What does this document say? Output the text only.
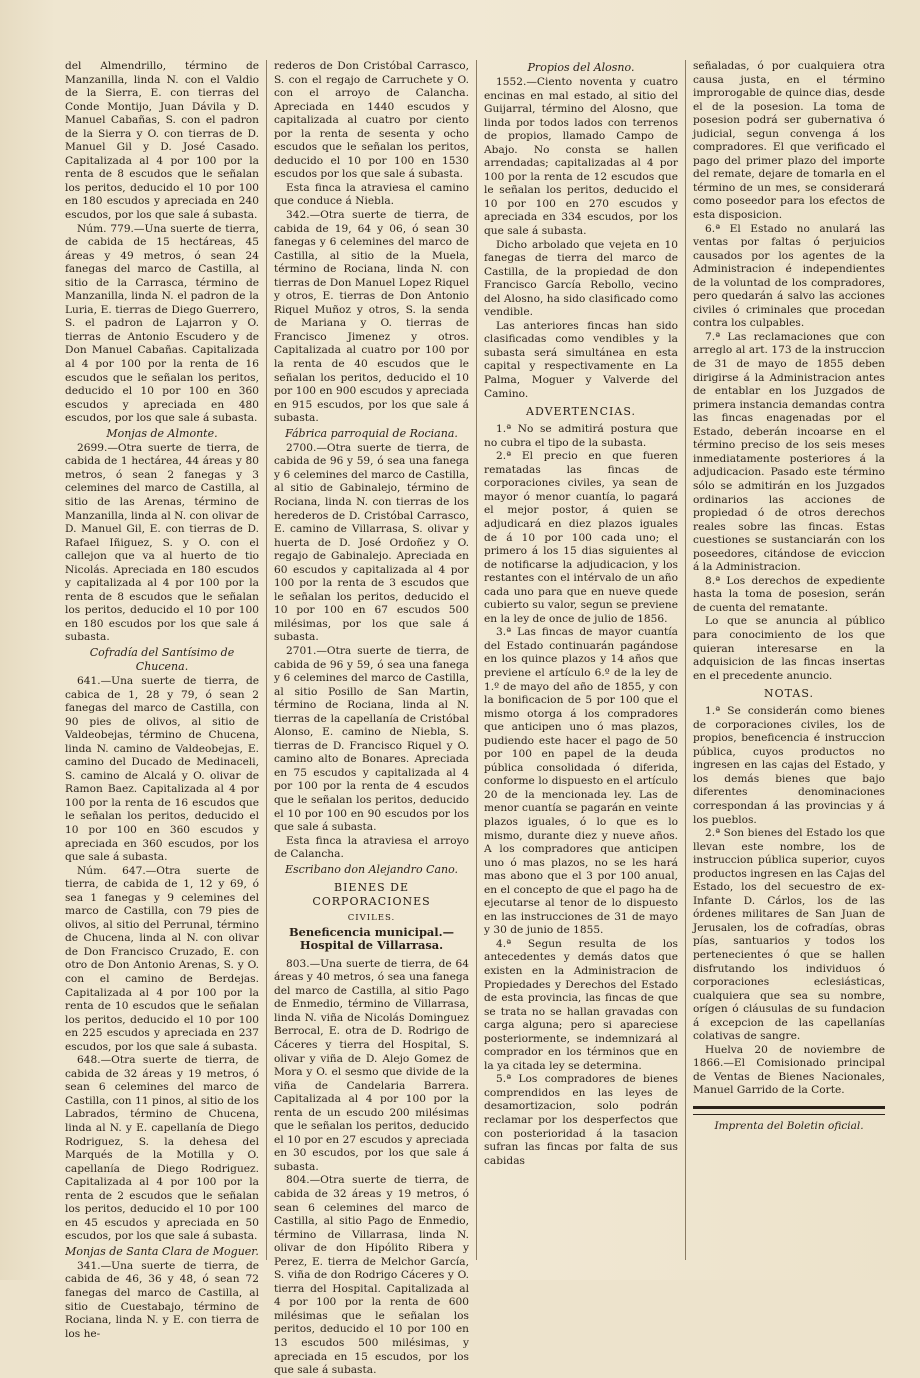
del Almendrillo, término de Manzanilla, linda N. con el Valdio de la Sierra, E. con tierras del Conde Montijo, Juan Dávila y D. Manuel Cabañas, S. con el padron de la Sierra y O. con tierras de D. Manuel Gil y D. José Casado. Capitalizada al 4 por 100 por la renta de 8 escudos que le señalan los peritos, deducido el 10 por 100 en 180 escudos y apreciada en 240 escudos, por los que sale á subasta.

Núm. 779.—Una suerte de tierra, de cabida de 15 hectáreas, 45 áreas y 49 metros, ó sean 24 fanegas del marco de Castilla, al sitio de la Carrasca, término de Manzanilla, linda N. el padron de la Luria, E. tierras de Diego Guerrero, S. el padron de Lajarron y O. tierras de Antonio Escudero y de Don Manuel Cabañas. Capitalizada al 4 por 100 por la renta de 16 escudos que le señalan los peritos, deducido el 10 por 100 en 360 escudos y apreciada en 480 escudos, por los que sale á subasta.

Monjas de Almonte.

2699.—Otra suerte de tierra, de cabida de 1 hectárea, 44 áreas y 80 metros, ó sean 2 fanegas y 3 celemines del marco de Castilla, al sitio de las Arenas, término de Manzanilla, linda al N. con olivar de D. Manuel Gil, E. con tierras de D. Rafael Iñiguez, S. y O. con el callejon que va al huerto de tio Nicolás. Apreciada en 180 escudos y capitalizada al 4 por 100 por la renta de 8 escudos que le señalan los peritos, deducido el 10 por 100 en 180 escudos por los que sale á subasta.

Cofradía del Santísimo de Chucena.

641.—Una suerte de tierra, de cabica de 1, 28 y 79, ó sean 2 fanegas del marco de Castilla, con 90 pies de olivos, al sitio de Valdeobejas, término de Chucena, linda N. camino de Valdeobejas, E. camino del Ducado de Medinaceli, S. camino de Alcalá y O. olivar de Ramon Baez. Capitalizada al 4 por 100 por la renta de 16 escudos que le señalan los peritos, deducido el 10 por 100 en 360 escudos y apreciada en 360 escudos, por los que sale á subasta.

Núm. 647.—Otra suerte de tierra, de cabida de 1, 12 y 69, ó sea 1 fanegas y 9 celemines del marco de Castilla, con 79 pies de olivos, al sitio del Perrunal, término de Chucena, linda al N. con olivar de Don Francisco Cruzado, E. con otro de Don Antonio Arenas, S. y O. con el camino de Berdejas. Capitalizada al 4 por 100 por la renta de 10 escudos que le señalan los peritos, deducido el 10 por 100 en 225 escudos y apreciada en 237 escudos, por los que sale á subasta.

648.—Otra suerte de tierra, de cabida de 32 áreas y 19 metros, ó sean 6 celemines del marco de Castilla, con 11 pinos, al sitio de los Labrados, término de Chucena, linda al N. y E. capellanía de Diego Rodriguez, S. la dehesa del Marqués de la Motilla y O. capellanía de Diego Rodriguez. Capitalizada al 4 por 100 por la renta de 2 escudos que le señalan los peritos, deducido el 10 por 100 en 45 escudos y apreciada en 50 escudos, por los que sale á subasta.

Monjas de Santa Clara de Moguer.

341.—Una suerte de tierra, de cabida de 46, 36 y 48, ó sean 72 fanegas del marco de Castilla, al sitio de Cuestabajo, término de Rociana, linda N. y E. con tierra de los he-

rederos de Don Cristóbal Carrasco, S. con el regajo de Carruchete y O. con el arroyo de Calancha. Apreciada en 1440 escudos y capitalizada al cuatro por ciento por la renta de sesenta y ocho escudos que le señalan los peritos, deducido el 10 por 100 en 1530 escudos por los que sale á subasta.

Esta finca la atraviesa el camino que conduce á Niebla.

342.—Otra suerte de tierra, de cabida de 19, 64 y 06, ó sean 30 fanegas y 6 celemines del marco de Castilla, al sitio de la Muela, término de Rociana, linda N. con tierras de Don Manuel Lopez Riquel y otros, E. tierras de Don Antonio Riquel Muñoz y otros, S. la senda de Mariana y O. tierras de Francisco Jimenez y otros. Capitalizada al cuatro por 100 por la renta de 40 escudos que le señalan los peritos, deducido el 10 por 100 en 900 escudos y apreciada en 915 escudos, por los que sale á subasta.

Fábrica parroquial de Rociana.

2700.—Otra suerte de tierra, de cabida de 96 y 59, ó sea una fanega y 6 celemines del marco de Castilla, al sitio de Gabinalejo, término de Rociana, linda N. con tierras de los herederos de D. Cristóbal Carrasco, E. camino de Villarrasa, S. olivar y huerta de D. José Ordoñez y O. regajo de Gabinalejo. Apreciada en 60 escudos y capitalizada al 4 por 100 por la renta de 3 escudos que le señalan los peritos, deducido el 10 por 100 en 67 escudos 500 milésimas, por los que sale á subasta.

2701.—Otra suerte de tierra, de cabida de 96 y 59, ó sea una fanega y 6 celemines del marco de Castilla, al sitio Posillo de San Martin, término de Rociana, linda al N. tierras de la capellanía de Cristóbal Alonso, E. camino de Niebla, S. tierras de D. Francisco Riquel y O. camino alto de Bonares. Apreciada en 75 escudos y capitalizada al 4 por 100 por la renta de 4 escudos que le señalan los peritos, deducido el 10 por 100 en 90 escudos por los que sale á subasta.

Esta finca la atraviesa el arroyo de Calancha.

Escribano don Alejandro Cano.

BIENES DE CORPORACIONES

CIVILES.

Beneficencia municipal.—Hospital de Villarrasa.

803.—Una suerte de tierra, de 64 áreas y 40 metros, ó sea una fanega del marco de Castilla, al sitio Pago de Enmedio, término de Villarrasa, linda N. viña de Nicolás Dominguez Berrocal, E. otra de D. Rodrigo de Cáceres y tierra del Hospital, S. olivar y viña de D. Alejo Gomez de Mora y O. el sesmo que divide de la viña de Candelaria Barrera. Capitalizada al 4 por 100 por la renta de un escudo 200 milésimas que le señalan los peritos, deducido el 10 por en 27 escudos y apreciada en 30 escudos, por los que sale á subasta.

804.—Otra suerte de tierra, de cabida de 32 áreas y 19 metros, ó sean 6 celemines del marco de Castilla, al sitio Pago de Enmedio, término de Villarrasa, linda N. olivar de don Hipólito Ribera y Perez, E. tierra de Melchor García, S. viña de don Rodrigo Cáceres y O. tierra del Hospital. Capitalizada al 4 por 100 por la renta de 600 milésimas que le señalan los peritos, deducido el 10 por 100 en 13 escudos 500 milésimas, y apreciada en 15 escudos, por los que sale á subasta.

Propios del Alosno.

1552.—Ciento noventa y cuatro encinas en mal estado, al sitio del Guijarral, término del Alosno, que linda por todos lados con terrenos de propios, llamado Campo de Abajo. No consta se hallen arrendadas; capitalizadas al 4 por 100 por la renta de 12 escudos que le señalan los peritos, deducido el 10 por 100 en 270 escudos y apreciada en 334 escudos, por los que sale á subasta.

Dicho arbolado que vejeta en 10 fanegas de tierra del marco de Castilla, de la propiedad de don Francisco García Rebollo, vecino del Alosno, ha sido clasificado como vendible.

Las anteriores fincas han sido clasificadas como vendibles y la subasta será simultánea en esta capital y respectivamente en La Palma, Moguer y Valverde del Camino.

ADVERTENCIAS.

1.ª No se admitirá postura que no cubra el tipo de la subasta.

2.ª El precio en que fueren rematadas las fincas de corporaciones civiles, ya sean de mayor ó menor cuantía, lo pagará el mejor postor, á quien se adjudicará en diez plazos iguales de á 10 por 100 cada uno; el primero á los 15 dias siguientes al de notificarse la adjudicacion, y los restantes con el intérvalo de un año cada uno para que en nueve quede cubierto su valor, segun se previene en la ley de once de julio de 1856.

3.ª Las fincas de mayor cuantía del Estado continuarán pagándose en los quince plazos y 14 años que previene el artículo 6.º de la ley de 1.º de mayo del año de 1855, y con la bonificacion de 5 por 100 que el mismo otorga á los compradores que anticipen uno ó mas plazos, pudiendo este hacer el pago de 50 por 100 en papel de la deuda pública consolidada ó diferida, conforme lo dispuesto en el artículo 20 de la mencionada ley. Las de menor cuantía se pagarán en veinte plazos iguales, ó lo que es lo mismo, durante diez y nueve años. A los compradores que anticipen uno ó mas plazos, no se les hará mas abono que el 3 por 100 anual, en el concepto de que el pago ha de ejecutarse al tenor de lo dispuesto en las instrucciones de 31 de mayo y 30 de junio de 1855.

4.ª Segun resulta de los antecedentes y demás datos que existen en la Administracion de Propiedades y Derechos del Estado de esta provincia, las fincas de que se trata no se hallan gravadas con carga alguna; pero si apareciese posteriormente, se indemnizará al comprador en los términos que en la ya citada ley se determina.

5.ª Los compradores de bienes comprendidos en las leyes de desamortizacion, solo podrán reclamar por los desperfectos que con posterioridad á la tasacion sufran las fincas por falta de sus cabidas

señaladas, ó por cualquiera otra causa justa, en el término improrogable de quince dias, desde el de la posesion. La toma de posesion podrá ser gubernativa ó judicial, segun convenga á los compradores. El que verificado el pago del primer plazo del importe del remate, dejare de tomarla en el término de un mes, se considerará como poseedor para los efectos de esta disposicion.

6.ª El Estado no anulará las ventas por faltas ó perjuicios causados por los agentes de la Administracion é independientes de la voluntad de los compradores, pero quedarán á salvo las acciones civiles ó criminales que procedan contra los culpables.

7.ª Las reclamaciones que con arreglo al art. 173 de la instruccion de 31 de mayo de 1855 deben dirigirse á la Administracion antes de entablar en los Juzgados de primera instancia demandas contra las fincas enagenadas por el Estado, deberán incoarse en el término preciso de los seis meses inmediatamente posteriores á la adjudicacion. Pasado este término sólo se admitirán en los Juzgados ordinarios las acciones de propiedad ó de otros derechos reales sobre las fincas. Estas cuestiones se sustanciarán con los poseedores, citándose de eviccion á la Administracion.

8.ª Los derechos de expediente hasta la toma de posesion, serán de cuenta del rematante.

Lo que se anuncia al público para conocimiento de los que quieran interesarse en la adquisicion de las fincas insertas en el precedente anuncio.

NOTAS.

1.ª Se considerán como bienes de corporaciones civiles, los de propios, beneficencia é instruccion pública, cuyos productos no ingresen en las cajas del Estado, y los demás bienes que bajo diferentes denominaciones correspondan á las provincias y á los pueblos.

2.ª Son bienes del Estado los que llevan este nombre, los de instruccion pública superior, cuyos productos ingresen en las Cajas del Estado, los del secuestro de ex-Infante D. Cárlos, los de las órdenes militares de San Juan de Jerusalen, los de cofradías, obras pías, santuarios y todos los pertenecientes ó que se hallen disfrutando los individuos ó corporaciones eclesiásticas, cualquiera que sea su nombre, orígen ó cláusulas de su fundacion á excepcion de las capellanías colativas de sangre.

Huelva 20 de noviembre de 1866.—El Comisionado principal de Ventas de Bienes Nacionales, Manuel Garrido de la Corte.

Imprenta del Boletin oficial.
